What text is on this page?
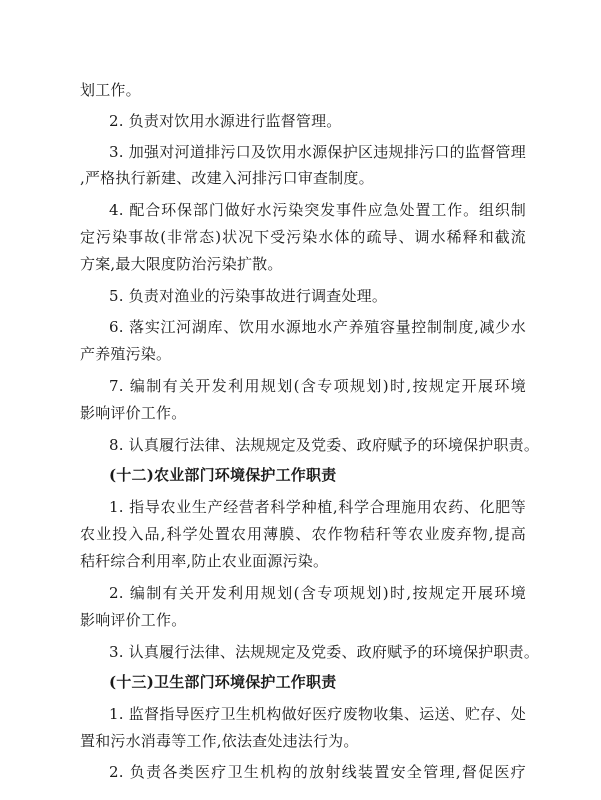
划工作。
2. 负责对饮用水源进行监督管理。
3. 加强对河道排污口及饮用水源保护区违规排污口的监督管理
,严格执行新建、改建入河排污口审查制度。
4. 配合环保部门做好水污染突发事件应急处置工作。组织制
定污染事故(非常态)状况下受污染水体的疏导、调水稀释和截流
方案,最大限度防治污染扩散。
5. 负责对渔业的污染事故进行调查处理。
6. 落实江河湖库、饮用水源地水产养殖容量控制制度,减少水
产养殖污染。
7. 编制有关开发利用规划(含专项规划)时,按规定开展环境
影响评价工作。
8. 认真履行法律、法规规定及党委、政府赋予的环境保护职责。
(十二)农业部门环境保护工作职责
1. 指导农业生产经营者科学种植,科学合理施用农药、化肥等
农业投入品,科学处置农用薄膜、农作物秸秆等农业废弃物,提高
秸秆综合利用率,防止农业面源污染。
2. 编制有关开发利用规划(含专项规划)时,按规定开展环境
影响评价工作。
3. 认真履行法律、法规规定及党委、政府赋予的环境保护职责。
(十三)卫生部门环境保护工作职责
1. 监督指导医疗卫生机构做好医疗废物收集、运送、贮存、处
置和污水消毒等工作,依法查处违法行为。
2. 负责各类医疗卫生机构的放射线装置安全管理,督促医疗
